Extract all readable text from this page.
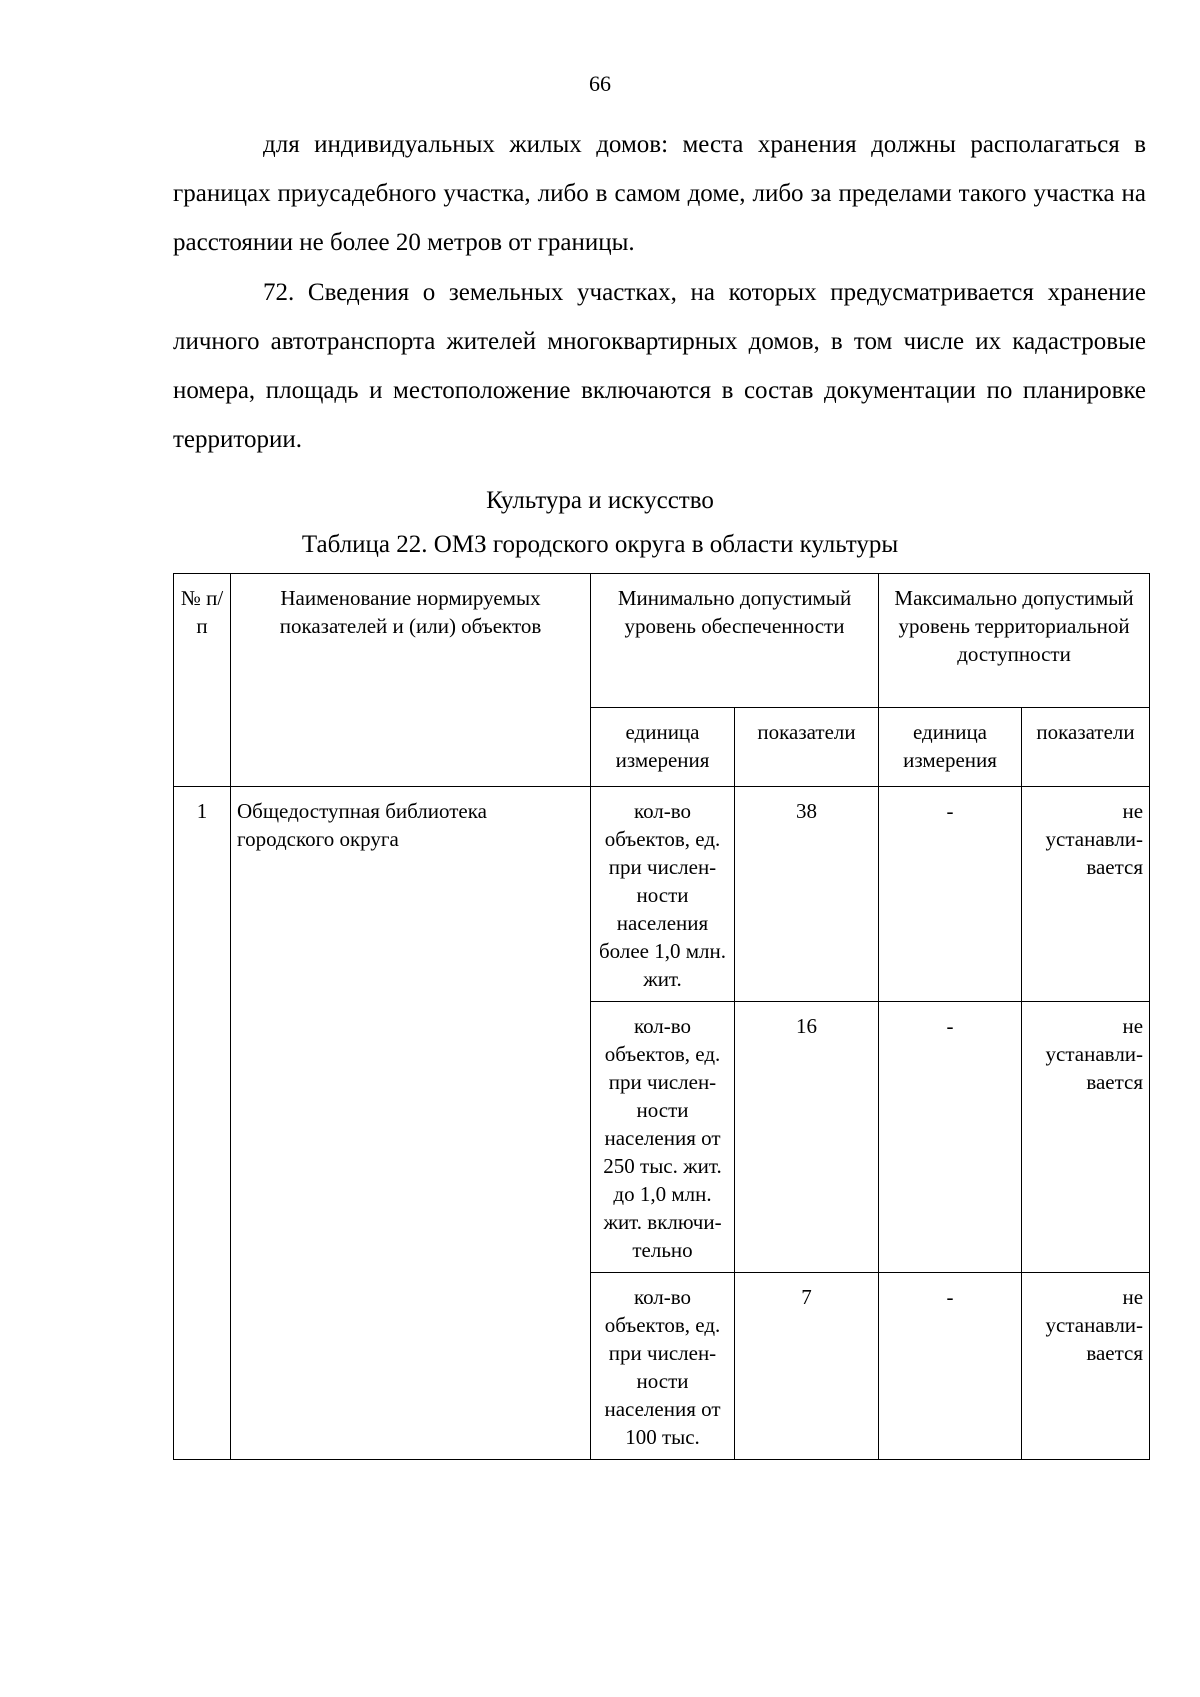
66

для индивидуальных жилых домов: места хранения должны располагаться в границах приусадебного участка, либо в самом доме, либо за пределами такого участка на расстоянии не более 20 метров от границы.

72. Сведения о земельных участках, на которых предусматривается хранение личного автотранспорта жителей многоквартирных домов, в том числе их кадастровые номера, площадь и местоположение включаются в состав документации по планировке территории.

Культура и искусство
Таблица 22. ОМЗ городского округа в области культуры
№ п/п	Наименование нормируемых показателей и (или) объектов	Минимально допустимый уровень обеспеченности		Максимально допустимый уровень территориальной доступности	
		единица измерения	показатели	единица измерения	показатели
1	Общедоступная библиотека городского округа	кол-во объектов, ед. при числен-ности населения более 1,0 млн. жит.	38	-	не устанавли-вается
		кол-во объектов, ед. при числен-ности населения от 250 тыс. жит. до 1,0 млн. жит. включи-тельно	16	-	не устанавли-вается
		кол-во объектов, ед. при числен-ности населения от 100 тыс.	7	-	не устанавли-вается
